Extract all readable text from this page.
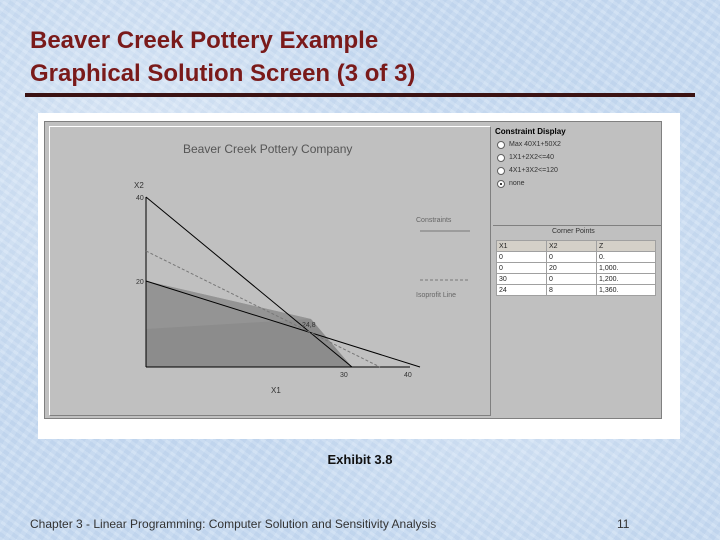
Beaver Creek Pottery Example
Graphical Solution Screen (3 of 3)
Beaver Creek Pottery Company
X2
40
20
30	40
X1
Constraints
Isoprofit Line
24,8
Constraint Display
Max 40X1+50X2
1X1+2X2<=40
4X1+3X2<=120
none
Corner Points
X1	X2	Z
0	0	0.
0	20	1,000.
30	0	1,200.
24	8	1,360.
Exhibit 3.8
Chapter 3 - Linear Programming: Computer Solution and Sensitivity Analysis	11
